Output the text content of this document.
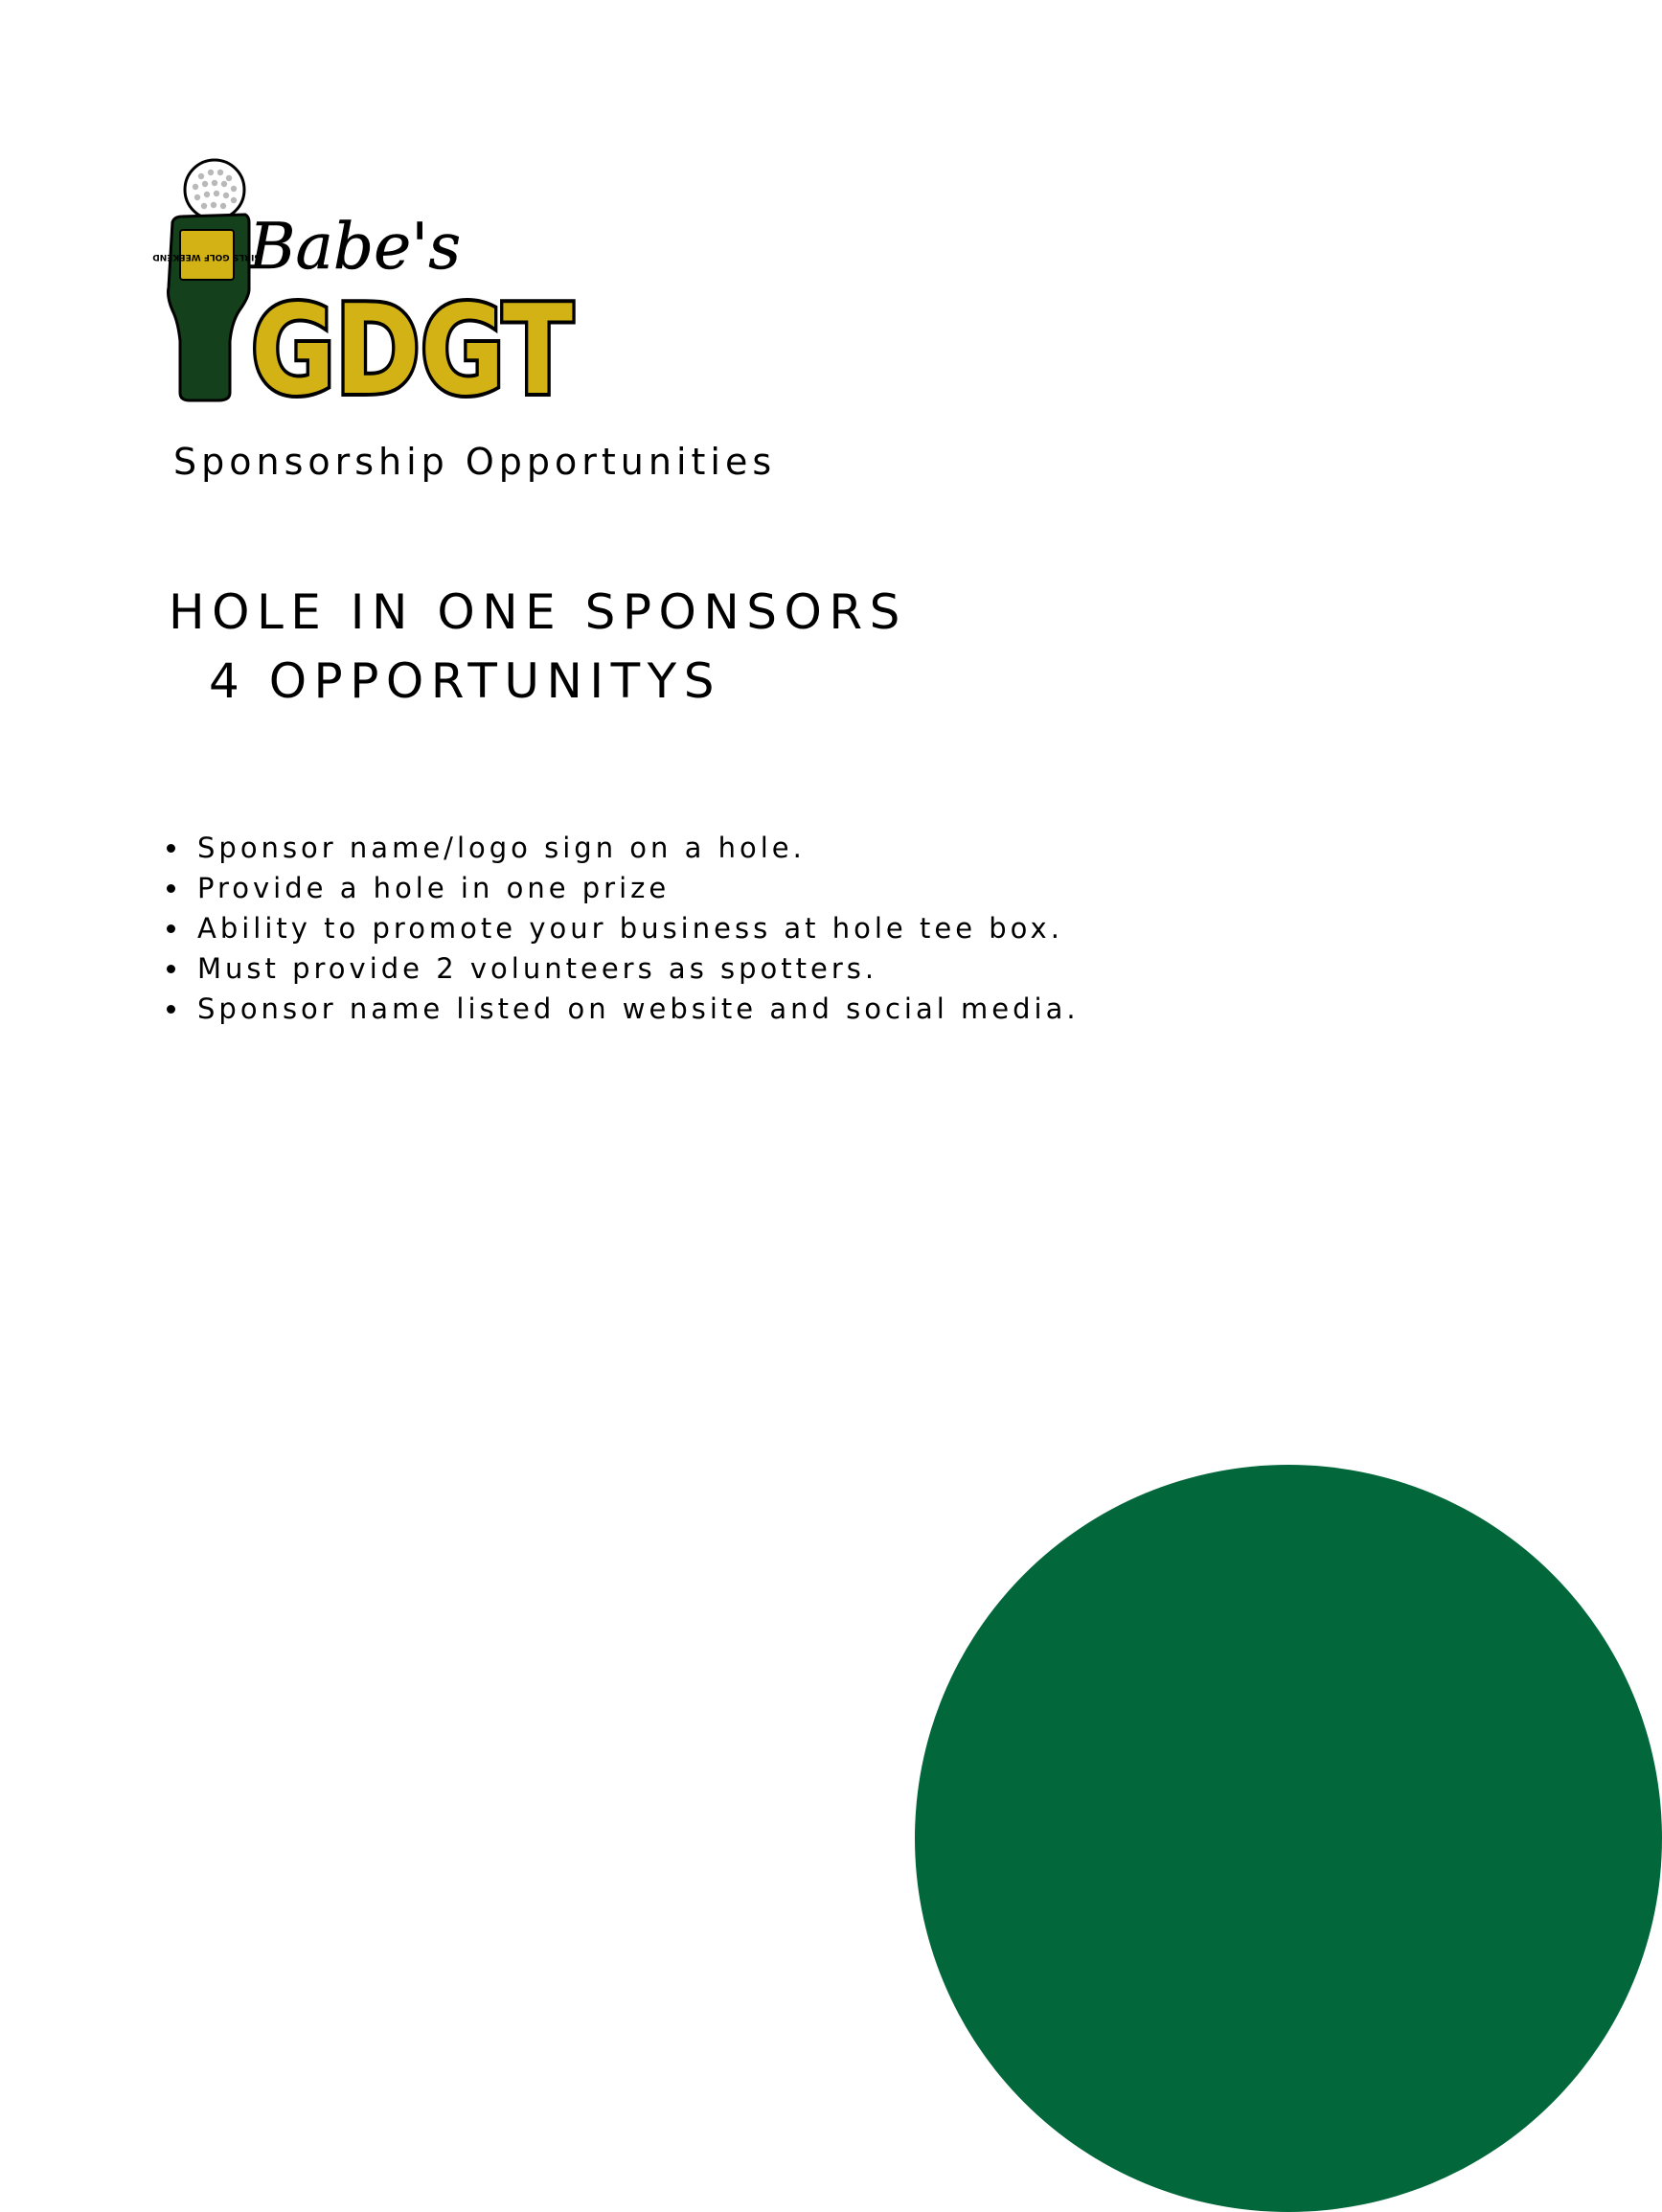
GIRLS GOLF WEEKEND
Babe's
GDGT
Sponsorship Opportunities
HOLE IN ONE SPONSORS
4 OPPORTUNITYS
Sponsor name/logo sign on a hole.
Provide a hole in one prize
Ability to promote your business at hole tee box.
Must provide 2 volunteers as spotters.
Sponsor name listed on website and social media.
